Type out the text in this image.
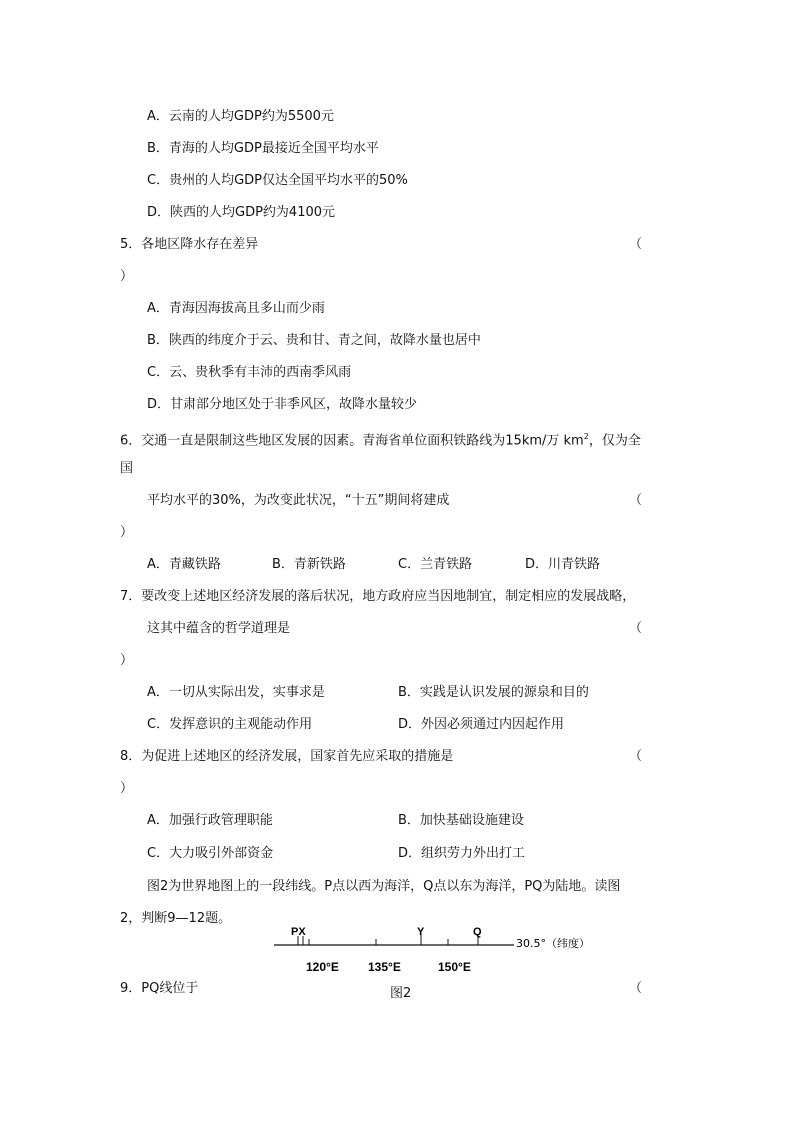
A．云南的人均GDP约为5500元
B．青海的人均GDP最接近全国平均水平
C．贵州的人均GDP仅达全国平均水平的50%
D．陕西的人均GDP约为4100元
5．各地区降水存在差异	（
）
A．青海因海拔高且多山而少雨
B．陕西的纬度介于云、贵和甘、青之间，故降水量也居中
C．云、贵秋季有丰沛的西南季风雨
D．甘肃部分地区处于非季风区，故降水量较少
6．交通一直是限制这些地区发展的因素。青海省单位面积铁路线为15km/万 $km^2$，仅为全
国
平均水平的30%，为改变此状况，“十五”期间将建成	（
）
A．青藏铁路	B．青新铁路	C．兰青铁路	D．川青铁路
7．要改变上述地区经济发展的落后状况，地方政府应当因地制宜，制定相应的发展战略，
这其中蕴含的哲学道理是	（
）
A．一切从实际出发，实事求是	B．实践是认识发展的源泉和目的
C．发挥意识的主观能动作用	D．外因必须通过内因起作用
8．为促进上述地区的经济发展，国家首先应采取的措施是	（
）
A．加强行政管理职能	B．加快基础设施建设
C．大力吸引外部资金	D．组织劳力外出打工
图2为世界地图上的一段纬线。P点以西为海洋，Q点以东为海洋，PQ为陆地。读图
2，判断9—12题。
PX	Y	Q
30.5°（纬度）
120°E 135°E	150°E
9．PQ线位于	图2	（
